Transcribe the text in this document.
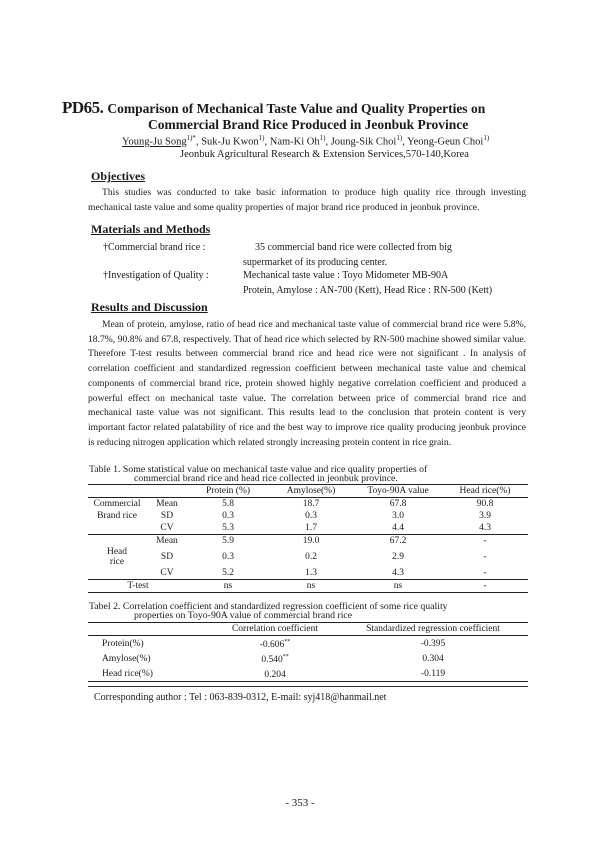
PD65. Comparison of Mechanical Taste Value and Quality Properties on
Commercial Brand Rice Produced in Jeonbuk Province
Young-Ju Song$^{1)*}$, Suk-Ju Kwon$^{1)}$, Nam-Ki Oh$^{1)}$, Joung-Sik Choi$^{1)}$, Yeong-Geun Choi$^{1)}$
Jeonbuk Agricultural Research & Extension Services,570-140,Korea
Objectives
This studies was conducted to take basic information to produce high quality rice through investing mechanical taste value and some quality properties of major brand rice produced in jeonbuk province.
Materials and Methods
†Commercial brand rice :	35 commercial band rice were collected from big
supermarket of its producing center.
†Investigation of Quality :	Mechanical taste value : Toyo Midometer MB-90A
Protein, Amylose : AN-700 (Kett), Head Rice : RN-500 (Kett)
Results and Discussion
Mean of protein, amylose, ratio of head rice and mechanical taste value of commercial brand rice were 5.8%, 18.7%, 90.8% and 67.8, respectively. That of head rice which selected by RN-500 machine showed similar value. Therefore T-test results between commercial brand rice and head rice were not significant . In analysis of correlation coefficient and standardized regression coefficient between mechanical taste value and chemical components of commercial brand rice, protein showed highly negative correlation coefficient and produced a powerful effect on mechanical taste value. The correlation between price of commercial brand rice and mechanical taste value was not significant. This results lead to the conclusion that protein content is very important factor related palatability of rice and the best way to improve rice quality producing jeonbuk province is reducing nitrogen application which related strongly increasing protein content in rice grain.
Table 1. Some statistical value on mechanical taste value and rice quality properties of
commercial brand rice and head rice collected in jeonbuk province.
		Protein (%)	Amylose(%)	Toyo-90A value	Head rice(%)
Commercial	Mean	5.8	18.7	67.8	90.8
Brand rice	SD	0.3	0.3	3.0	3.9
	CV	5.3	1.7	4.4	4.3
	Mean	5.9	19.0	67.2	-

Head
rice	SD	0.3	0.2	2.9	-
	CV	5.2	1.3	4.3	-
T-test		ns	ns	ns	-
Tabel 2. Correlation coefficient and standardized regression coefficient of some rice quality
properties on Toyo-90A value of commercial brand rice
	Correlation coefficient	Standardized regression coefficient
Protein(%)	-0.606**	-0.395
Amylose(%)	0.540**	0.304
Head rice(%)	0.204	-0.119
Corresponding author : Tel : 063-839-0312, E-mail: syj418@hanmail.net
- 353 -
